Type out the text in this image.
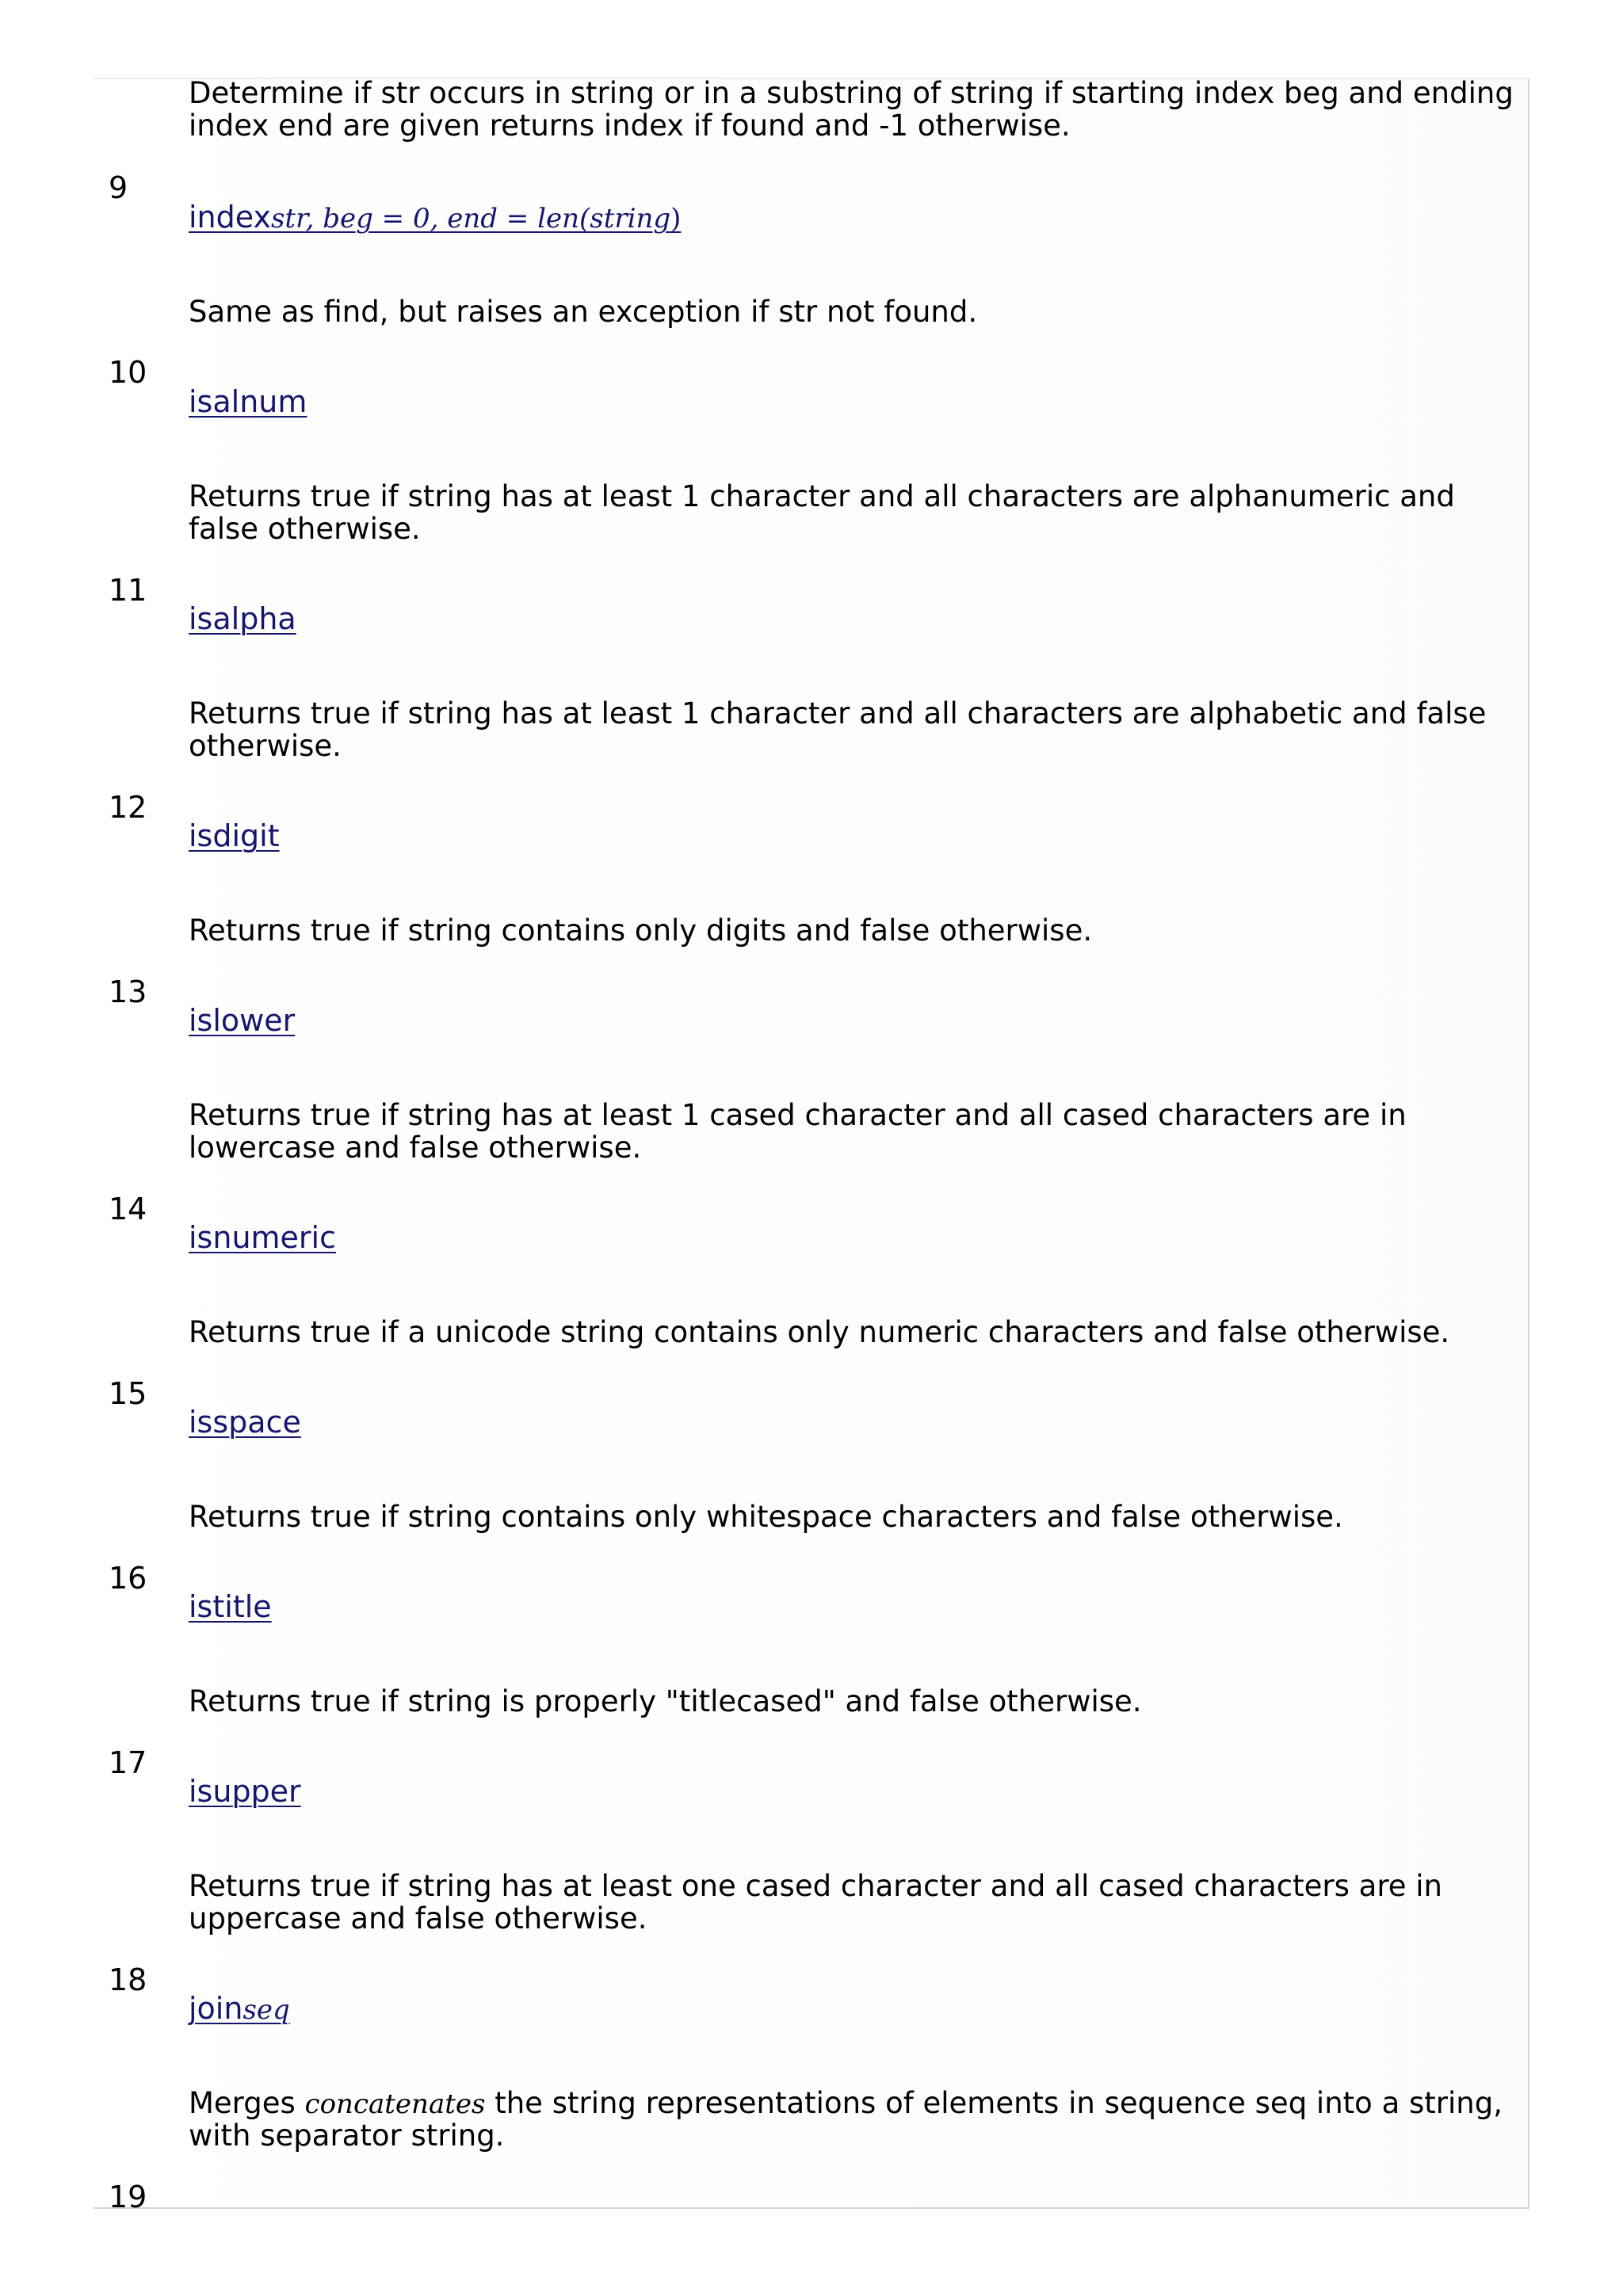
Determine if str occurs in string or in a substring of string if starting index beg and ending
index end are given returns index if found and -1 otherwise.
9
indexstr, beg = 0, end = len(string)
Same as find, but raises an exception if str not found.
10
isalnum
Returns true if string has at least 1 character and all characters are alphanumeric and
false otherwise.
11
isalpha
Returns true if string has at least 1 character and all characters are alphabetic and false
otherwise.
12
isdigit
Returns true if string contains only digits and false otherwise.
13
islower
Returns true if string has at least 1 cased character and all cased characters are in
lowercase and false otherwise.
14
isnumeric
Returns true if a unicode string contains only numeric characters and false otherwise.
15
isspace
Returns true if string contains only whitespace characters and false otherwise.
16
istitle
Returns true if string is properly "titlecased" and false otherwise.
17
isupper
Returns true if string has at least one cased character and all cased characters are in
uppercase and false otherwise.
18
joinseq
Merges concatenates the string representations of elements in sequence seq into a string,
with separator string.
19
